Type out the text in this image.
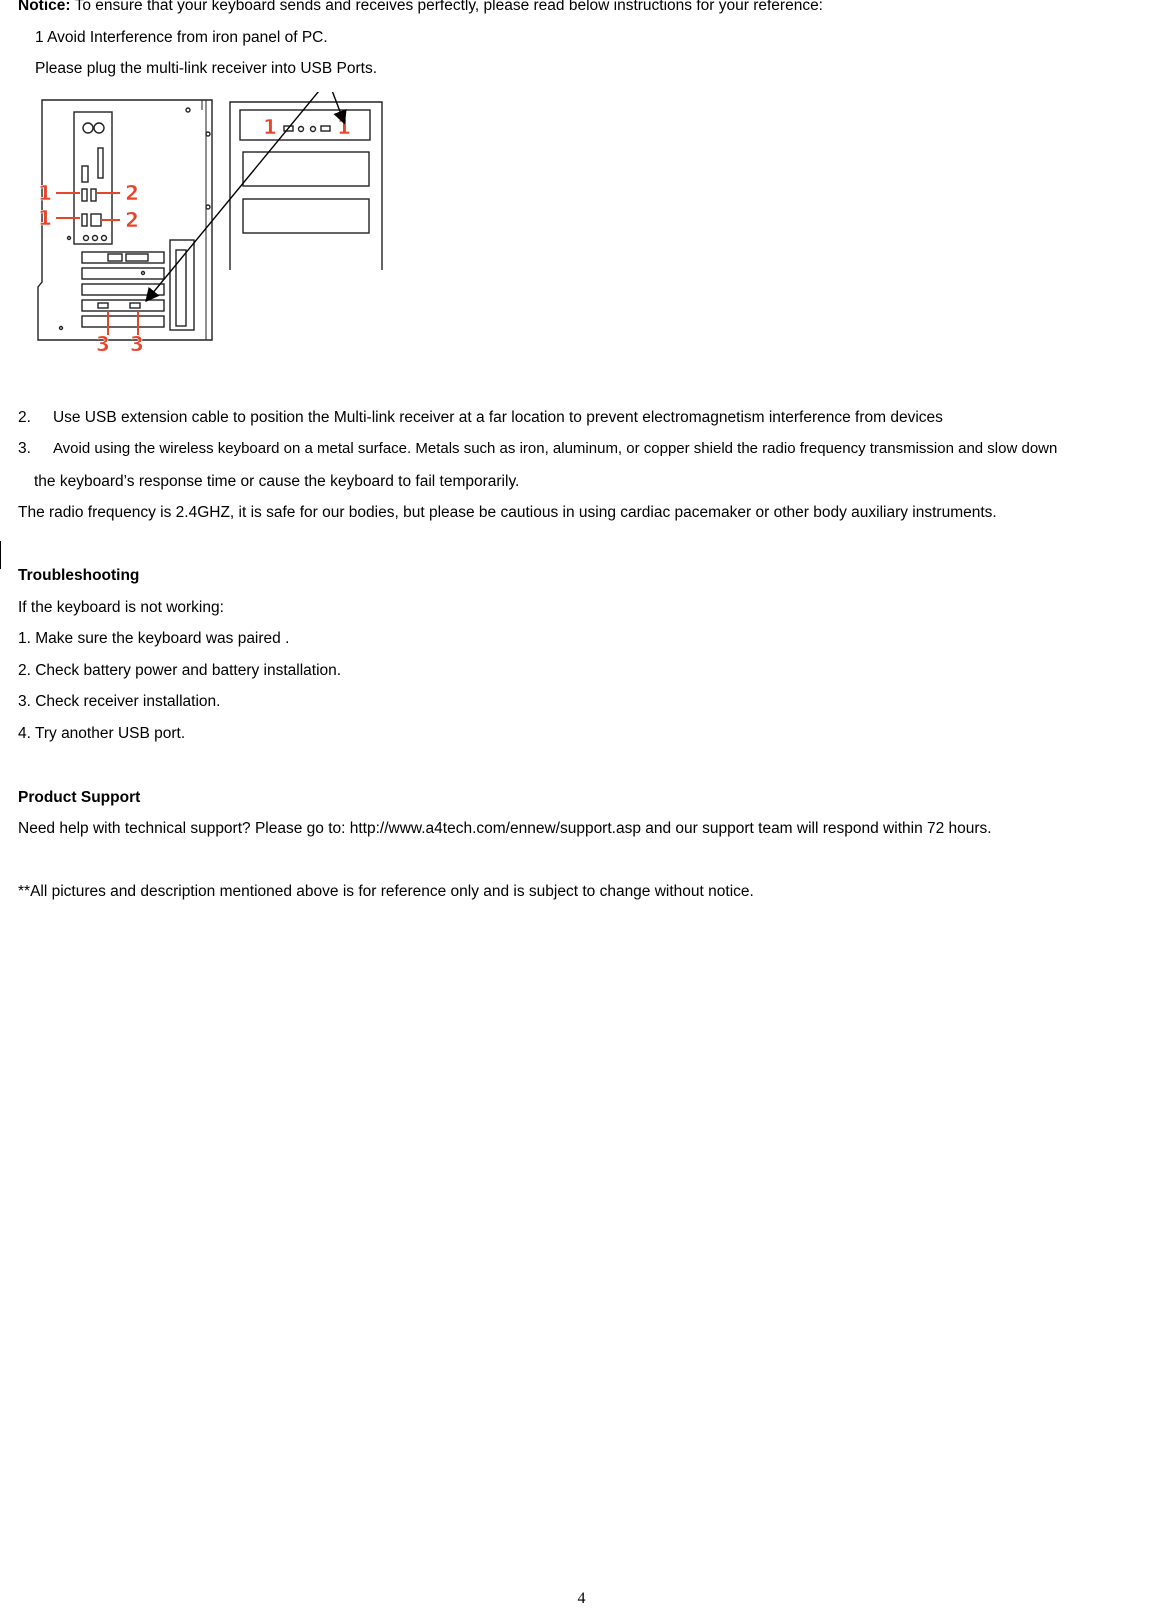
Notice: To ensure that your keyboard sends and receives perfectly, please read below instructions for your reference:
1 Avoid Interference from iron panel of PC.
Please plug the multi-link receiver into USB Ports.
1
1
2
2
3 3
1	1
2. Use USB extension cable to position the Multi-link receiver at a far location to prevent electromagnetism interference from devices
3. Avoid using the wireless keyboard on a metal surface. Metals such as iron, aluminum, or copper shield the radio frequency transmission and slow down
the keyboard’s response time or cause the keyboard to fail temporarily.
The radio frequency is 2.4GHZ, it is safe for our bodies, but please be cautious in using cardiac pacemaker or other body auxiliary instruments.
Troubleshooting
If the keyboard is not working:
1. Make sure the keyboard was paired .
2. Check battery power and battery installation.
3. Check receiver installation.
4. Try another USB port.
Product Support
Need help with technical support? Please go to: http://www.a4tech.com/ennew/support.asp and our support team will respond within 72 hours.
**All pictures and description mentioned above is for reference only and is subject to change without notice.
4
